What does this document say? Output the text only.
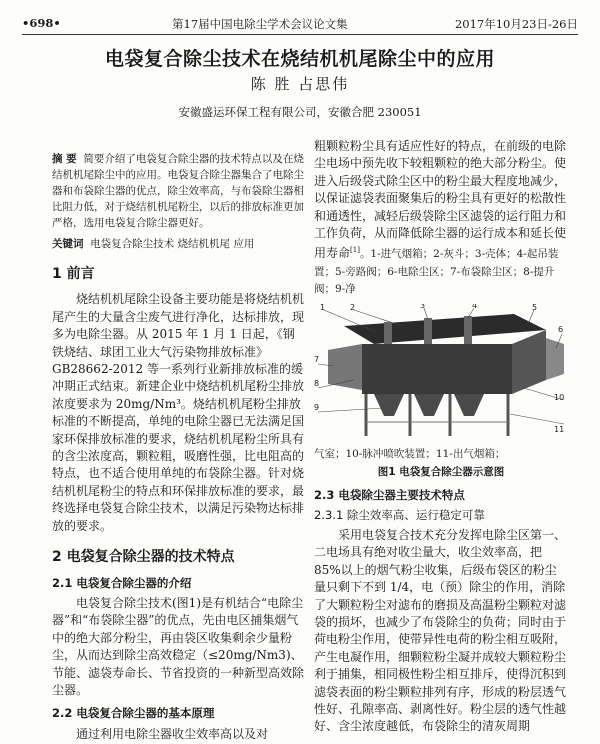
•698•	第17届中国电除尘学术会议论文集	2017年10月23日-26日
电袋复合除尘技术在烧结机机尾除尘中的应用
陈 胜 占思伟
安徽盛运环保工程有限公司，安徽合肥 230051

摘 要 简要介绍了电袋复合除尘器的技术特点以及在烧结机机尾除尘中的应用。电袋复合除尘器集合了电除尘器和布袋除尘器的优点，除尘效率高，与布袋除尘器相比阻力低，对于烧结机机尾粉尘，以后的排放标准更加严格，选用电袋复合除尘器更好。

关键词 电袋复合除尘技术 烧结机机尾 应用

1 前言

烧结机机尾除尘设备主要功能是将烧结机机尾产生的大量含尘废气进行净化，达标排放，现多为电除尘器。从 2015 年 1 月 1 日起，《钢铁烧结、球团工业大气污染物排放标准》GB28662-2012 等一系列行业新排放标准的缓冲期正式结束。新建企业中烧结机机尾粉尘排放浓度要求为 20mg/Nm³。烧结机机尾粉尘排放标准的不断提高，单纯的电除尘器已无法满足国家环保排放标准的要求，烧结机机尾粉尘所具有的含尘浓度高，颗粒粗，吸磨性强，比电阻高的特点，也不适合使用单纯的布袋除尘器。针对烧结机机尾粉尘的特点和环保排放标准的要求，最终选择电袋复合除尘技术，以满足污染物达标排放的要求。

2 电袋复合除尘器的技术特点

2.1 电袋复合除尘器的介绍

电袋复合除尘技术(图1)是有机结合“电除尘器”和“布袋除尘器”的优点，先由电区捕集烟气中的绝大部分粉尘，再由袋区收集剩余少量粉尘，从而达到除尘高效稳定（≤20mg/Nm3)、节能、滤袋寿命长、节省投资的一种新型高效除尘器。

2.2 电袋复合除尘器的基本原理

通过利用电除尘器收尘效率高以及对

粗颗粒粉尘具有适应性好的特点，在前级的电除尘电场中预先收下较粗颗粒的绝大部分粉尘。使进入后级袋式除尘区中的粉尘最大程度地减少，以保证滤袋表面聚集后的粉尘具有更好的松散性和通透性，减轻后级袋除尘区滤袋的运行阻力和工作负荷，从而降低除尘器的运行成本和延长使用寿命[1]。1-进气烟箱；2-灰斗；3-壳体；4-起吊装置；5-旁路阀；6-电除尘区；7-布袋除尘区；8-提升阀；9-净

1	2	3	4	5
6
7
8
9
10
11

气室；10-脉冲喷吹装置；11-出气烟箱；

图1 电袋复合除尘器示意图

2.3 电袋除尘器主要技术特点

2.3.1 除尘效率高、运行稳定可靠

采用电袋复合技术充分发挥电除尘区第一、二电场具有绝对收尘量大，收尘效率高，把 85%以上的烟气粉尘收集，后级布袋区的粉尘量只剩下不到 1/4，电（预）除尘的作用，消除了大颗粒粉尘对滤布的磨损及高温粉尘颗粒对滤袋的损坏，也减少了布袋除尘的负荷；同时由于荷电粉尘作用，使带异性电荷的粉尘相互吸附，产生电凝作用，细颗粒粉尘凝并成较大颗粒粉尘利于捕集，相同极性粉尘相互排斥，使得沉积到滤袋表面的粉尘颗粒排列有序，形成的粉层透气性好、孔隙率高、剥离性好。粉尘层的透气性越好、含尘浓度越低，布袋除尘的清灰周期
